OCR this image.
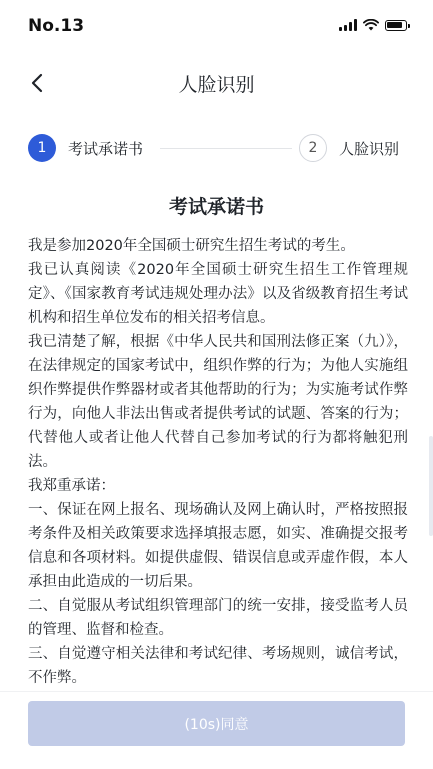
No.13
人脸识别
1	考试承诺书	2	人脸识别
考试承诺书

我是参加2020年全国硕士研究生招生考试的考生。

我已认真阅读《2020年全国硕士研究生招生工作管理规定》、《国家教育考试违规处理办法》以及省级教育招生考试机构和招生单位发布的相关招考信息。

我已清楚了解，根据《中华人民共和国刑法修正案（九）》，在法律规定的国家考试中，组织作弊的行为；为他人实施组织作弊提供作弊器材或者其他帮助的行为；为实施考试作弊行为，向他人非法出售或者提供考试的试题、答案的行为；代替他人或者让他人代替自己参加考试的行为都将触犯刑法。

我郑重承诺：

一、保证在网上报名、现场确认及网上确认时，严格按照报考条件及相关政策要求选择填报志愿，如实、准确提交报考信息和各项材料。如提供虚假、错误信息或弄虚作假，本人承担由此造成的一切后果。

二、自觉服从考试组织管理部门的统一安排，接受监考人员的管理、监督和检查。

三、自觉遵守相关法律和考试纪律、考场规则，诚信考试，不作弊。

(10s)同意
